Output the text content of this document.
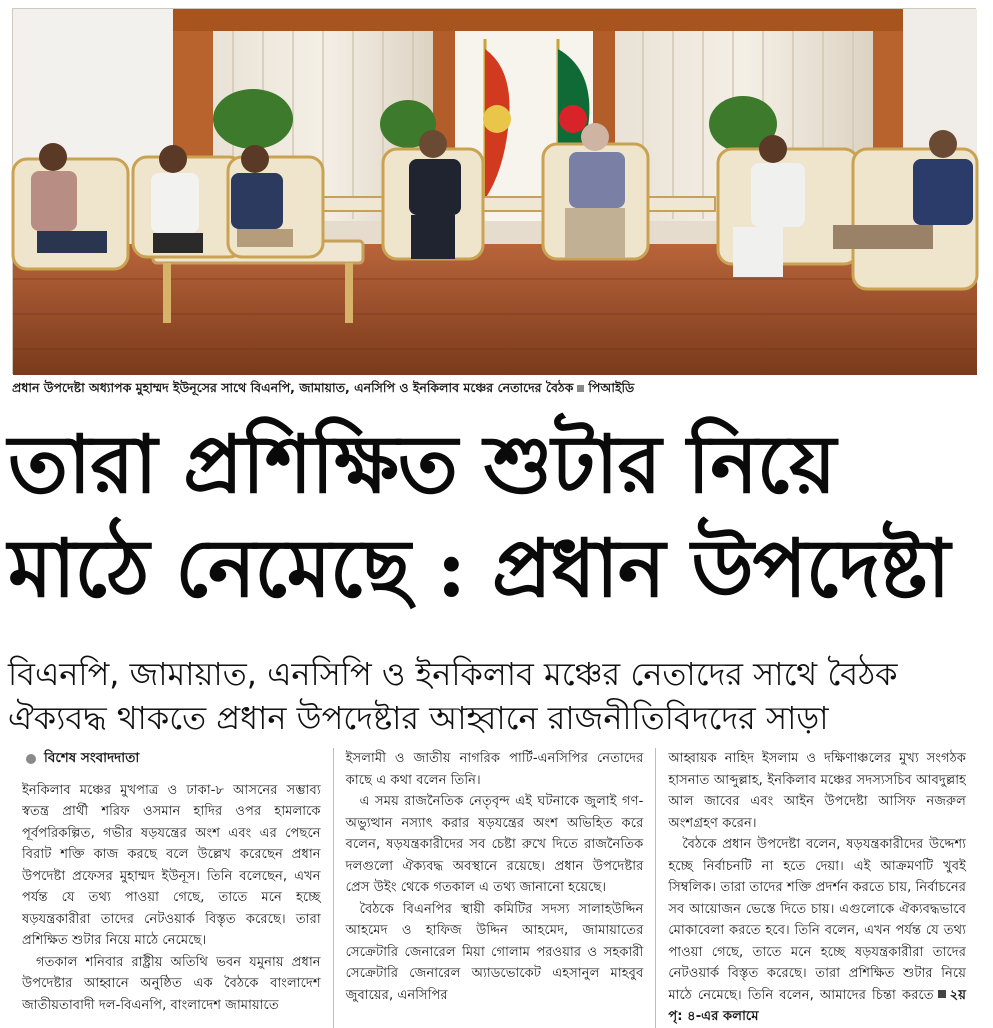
প্রধান উপদেষ্টা অধ্যাপক মুহাম্মদ ইউনূসের সাথে বিএনপি, জামায়াত, এনসিপি ও ইনকিলাব মঞ্চের নেতাদের বৈঠক পিআইডি
তারা প্রশিক্ষিত শুটার নিয়ে
মাঠে নেমেছে : প্রধান উপদেষ্টা
বিএনপি, জামায়াত, এনসিপি ও ইনকিলাব মঞ্চের নেতাদের সাথে বৈঠক
ঐক্যবদ্ধ থাকতে প্রধান উপদেষ্টার আহ্বানে রাজনীতিবিদদের সাড়া
বিশেষ সংবাদদাতা

ইনকিলাব মঞ্চের মুখপাত্র ও ঢাকা-৮ আসনের সম্ভাব্য স্বতন্ত্র প্রার্থী শরিফ ওসমান হাদির ওপর হামলাকে পূর্বপরিকল্পিত, গভীর ষড়যন্ত্রের অংশ এবং এর পেছনে বিরাট শক্তি কাজ করছে বলে উল্লেখ করেছেন প্রধান উপদেষ্টা প্রফেসর মুহাম্মদ ইউনূস। তিনি বলেছেন, এখন পর্যন্ত যে তথ্য পাওয়া গেছে, তাতে মনে হচ্ছে ষড়যন্ত্রকারীরা তাদের নেটওয়ার্ক বিস্তৃত করেছে। তারা প্রশিক্ষিত শুটার নিয়ে মাঠে নেমেছে।

গতকাল শনিবার রাষ্ট্রীয় অতিথি ভবন যমুনায় প্রধান উপদেষ্টার আহ্বানে অনুষ্ঠিত এক বৈঠকে বাংলাদেশ জাতীয়তাবাদী দল-বিএনপি, বাংলাদেশ জামায়াতে

ইসলামী ও জাতীয় নাগরিক পার্টি-এনসিপির নেতাদের কাছে এ কথা বলেন তিনি।

এ সময় রাজনৈতিক নেতৃবৃন্দ এই ঘটনাকে জুলাই গণ-অভ্যুত্থান নস্যাৎ করার ষড়যন্ত্রের অংশ অভিহিত করে বলেন, ষড়যন্ত্রকারীদের সব চেষ্টা রুখে দিতে রাজনৈতিক দলগুলো ঐক্যবদ্ধ অবস্থানে রয়েছে। প্রধান উপদেষ্টার প্রেস উইং থেকে গতকাল এ তথ্য জানানো হয়েছে।

বৈঠকে বিএনপির স্থায়ী কমিটির সদস্য সালাহউদ্দিন আহমেদ ও হাফিজ উদ্দিন আহমেদ, জামায়াতের সেক্রেটারি জেনারেল মিয়া গোলাম পরওয়ার ও সহকারী সেক্রেটারি জেনারেল অ্যাডভোকেট এহসানুল মাহবুব জুবায়ের, এনসিপির

আহ্বায়ক নাহিদ ইসলাম ও দক্ষিণাঞ্চলের মুখ্য সংগঠক হাসনাত আব্দুল্লাহ, ইনকিলাব মঞ্চের সদস্যসচিব আবদুল্লাহ আল জাবের এবং আইন উপদেষ্টা আসিফ নজরুল অংশগ্রহণ করেন।

বৈঠকে প্রধান উপদেষ্টা বলেন, ষড়যন্ত্রকারীদের উদ্দেশ্য হচ্ছে নির্বাচনটি না হতে দেয়া। এই আক্রমণটি খুবই সিম্বলিক। তারা তাদের শক্তি প্রদর্শন করতে চায়, নির্বাচনের সব আয়োজন ভেস্তে দিতে চায়। এগুলোকে ঐক্যবদ্ধভাবে মোকাবেলা করতে হবে। তিনি বলেন, এখন পর্যন্ত যে তথ্য পাওয়া গেছে, তাতে মনে হচ্ছে ষড়যন্ত্রকারীরা তাদের নেটওয়ার্ক বিস্তৃত করেছে। তারা প্রশিক্ষিত শুটার নিয়ে মাঠে নেমেছে। তিনি বলেন, আমাদের চিন্তা করতে ২য় পৃ: ৪-এর কলামে
